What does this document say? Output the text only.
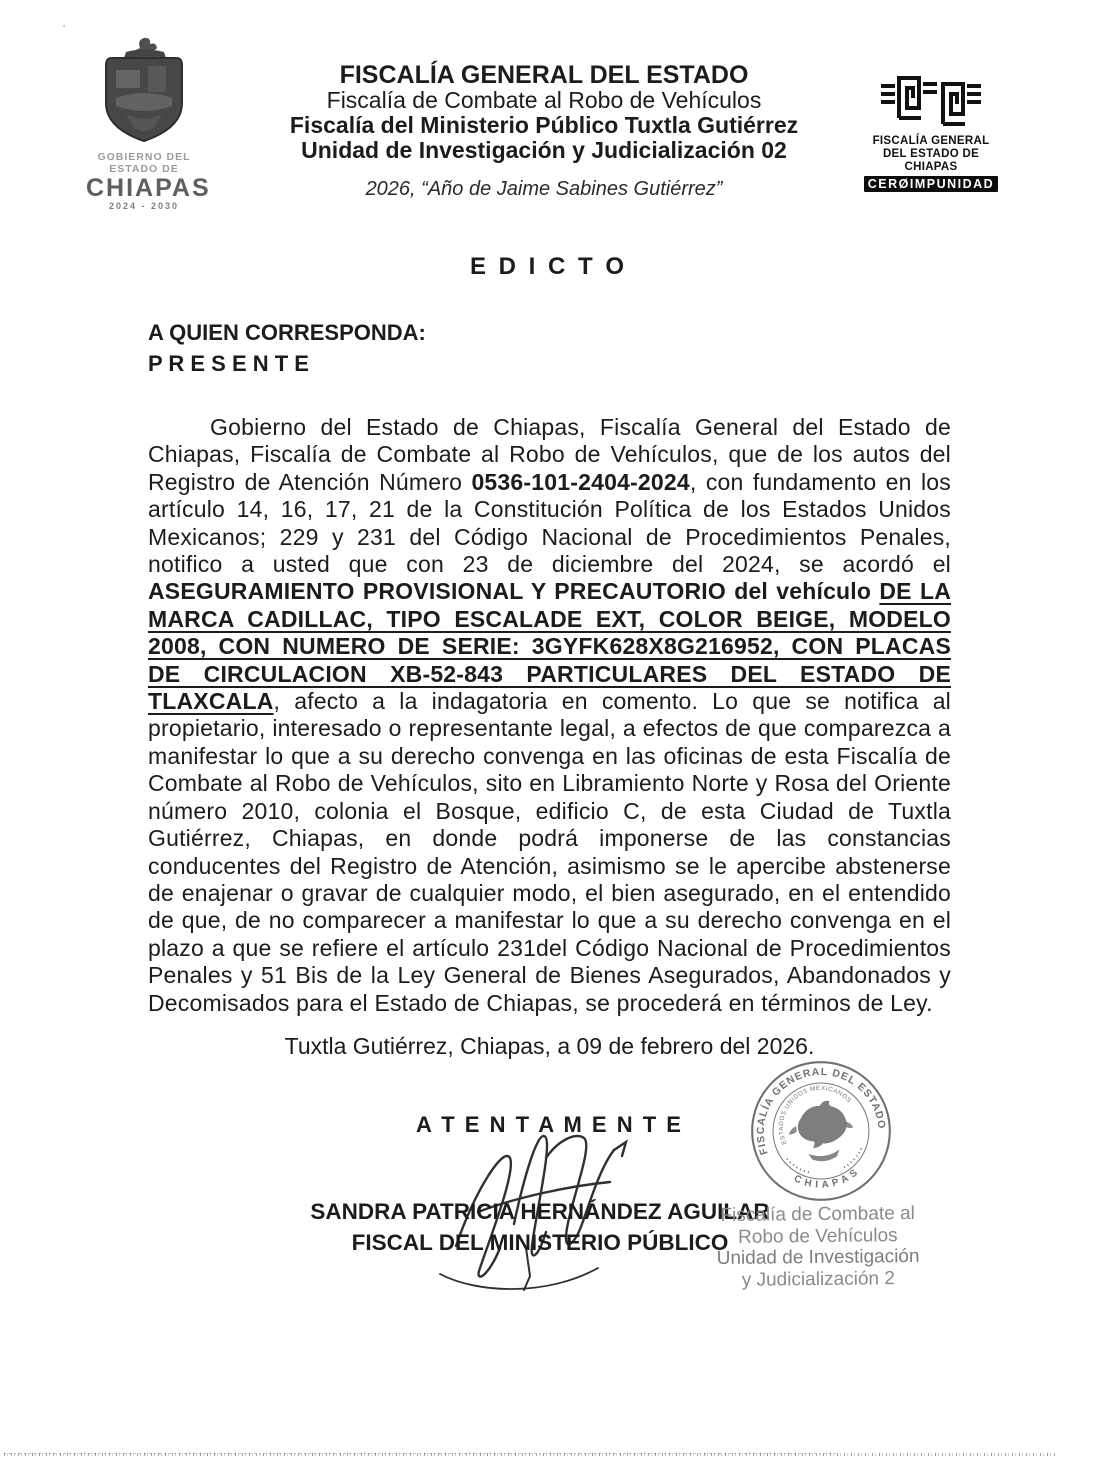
ʻ
GOBIERNO DEL
ESTADO DE
CHIAPAS
2024 - 2030
FISCALÍA GENERAL DEL ESTADO
Fiscalía de Combate al Robo de Vehículos
Fiscalía del Ministerio Público Tuxtla Gutiérrez
Unidad de Investigación y Judicialización 02
2026, “Año de Jaime Sabines Gutiérrez”
FISCALÍA GENERAL
DEL ESTADO DE CHIAPAS
CERØIMPUNIDAD
E D I C T O
A QUIEN CORRESPONDA:
P R E S E N T E

Gobierno del Estado de Chiapas, Fiscalía General del Estado de Chiapas, Fiscalía de Combate al Robo de Vehículos, que de los autos del Registro de Atención Número 0536-101-2404-2024, con fundamento en los artículo 14, 16, 17, 21 de la Constitución Política de los Estados Unidos Mexicanos; 229 y 231 del Código Nacional de Procedimientos Penales, notifico a usted que con 23 de diciembre del 2024, se acordó el ASEGURAMIENTO PROVISIONAL Y PRECAUTORIO del vehículo DE LA MARCA CADILLAC, TIPO ESCALADE EXT, COLOR BEIGE, MODELO 2008, CON NUMERO DE SERIE: 3GYFK628X8G216952, CON PLACAS DE CIRCULACION XB-52-843 PARTICULARES DEL ESTADO DE TLAXCALA, afecto a la indagatoria en comento. Lo que se notifica al propietario, interesado o representante legal, a efectos de que comparezca a manifestar lo que a su derecho convenga en las oficinas de esta Fiscalía de Combate al Robo de Vehículos, sito en Libramiento Norte y Rosa del Oriente número 2010, colonia el Bosque, edificio C, de esta Ciudad de Tuxtla Gutiérrez, Chiapas, en donde podrá imponerse de las constancias conducentes del Registro de Atención, asimismo se le apercibe abstenerse de enajenar o gravar de cualquier modo, el bien asegurado, en el entendido de que, de no comparecer a manifestar lo que a su derecho convenga en el plazo a que se refiere el artículo 231del Código Nacional de Procedimientos Penales y 51 Bis de la Ley General de Bienes Asegurados, Abandonados y Decomisados para el Estado de Chiapas, se procederá en términos de Ley.

Tuxtla Gutiérrez, Chiapas, a 09 de febrero del 2026.
A T E N T A M E N T E
FISCALÍA GENERAL DEL ESTADO
CHIAPAS
ESTADOS UNIDOS MEXICANOS
SANDRA PATRICIA HERNÁNDEZ AGUILAR
FISCAL DEL MINISTERIO PÚBLICO
Fiscalía de Combate al
Robo de Vehículos
Unidad de Investigación
y Judicialización 2
